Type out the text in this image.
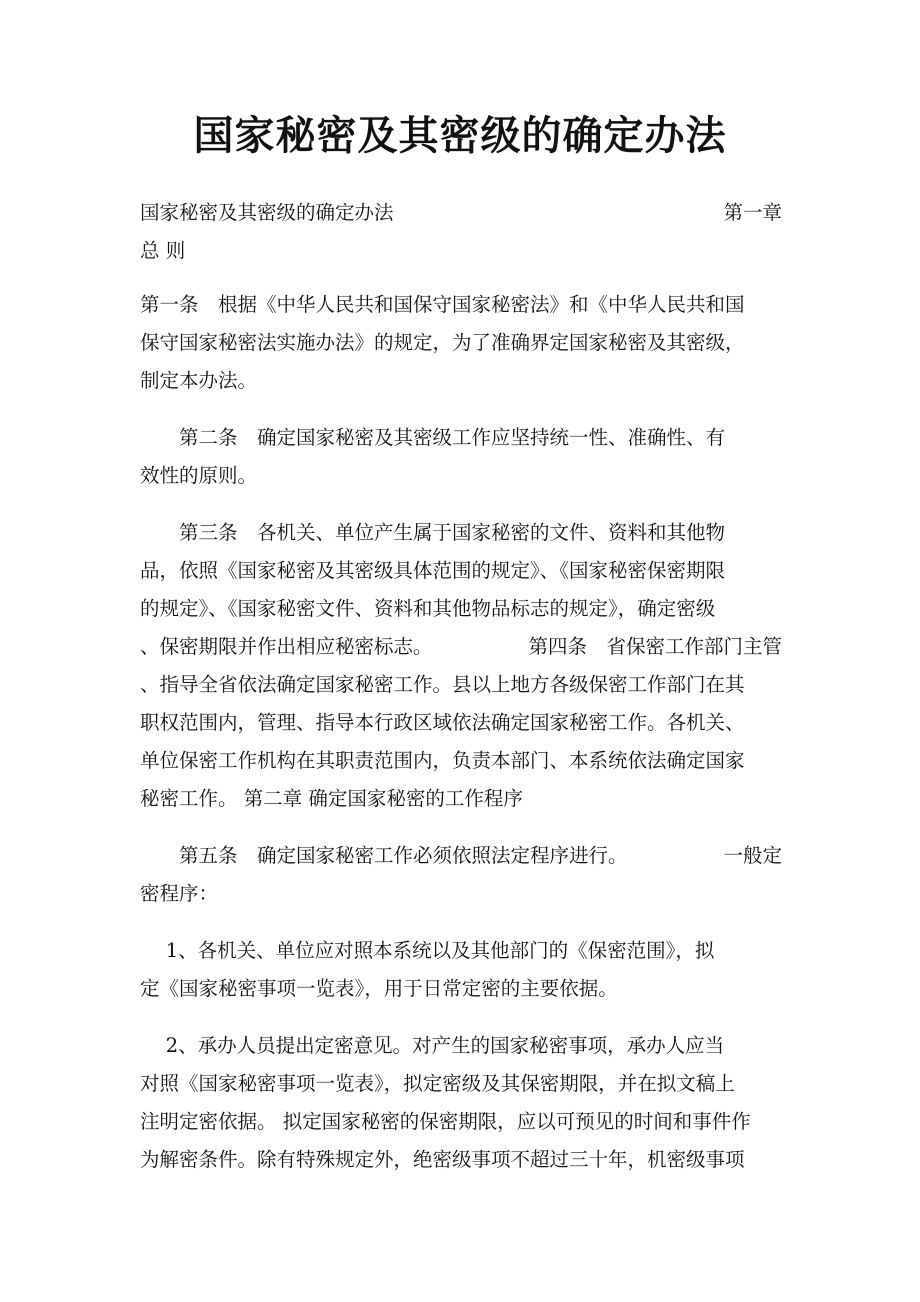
国家秘密及其密级的确定办法
国家秘密及其密级的确定办法	第一章
总 则
第一条　根据《中华人民共和国保守国家秘密法》和《中华人民共和国
保守国家秘密法实施办法》的规定，为了准确界定国家秘密及其密级，
制定本办法。
　　第二条　确定国家秘密及其密级工作应坚持统一性、准确性、有
效性的原则。
　　第三条　各机关、单位产生属于国家秘密的文件、资料和其他物
品，依照《国家秘密及其密级具体范围的规定》、《国家秘密保密期限
的规定》、《国家秘密文件、资料和其他物品标志的规定》，确定密级
、保密期限并作出相应秘密标志。	第四条　省保密工作部门主管
、指导全省依法确定国家秘密工作。县以上地方各级保密工作部门在其
职权范围内，管理、指导本行政区域依法确定国家秘密工作。各机关、
单位保密工作机构在其职责范围内，负责本部门、本系统依法确定国家
秘密工作。 第二章 确定国家秘密的工作程序
　　第五条　确定国家秘密工作必须依照法定程序进行。	一般定
密程序：
　 1、各机关、单位应对照本系统以及其他部门的《保密范围》，拟
定《国家秘密事项一览表》，用于日常定密的主要依据。
　 2、承办人员提出定密意见。对产生的国家秘密事项，承办人应当
对照《国家秘密事项一览表》，拟定密级及其保密期限，并在拟文稿上
注明定密依据。 拟定国家秘密的保密期限，应以可预见的时间和事件作
为解密条件。除有特殊规定外，绝密级事项不超过三十年，机密级事项
